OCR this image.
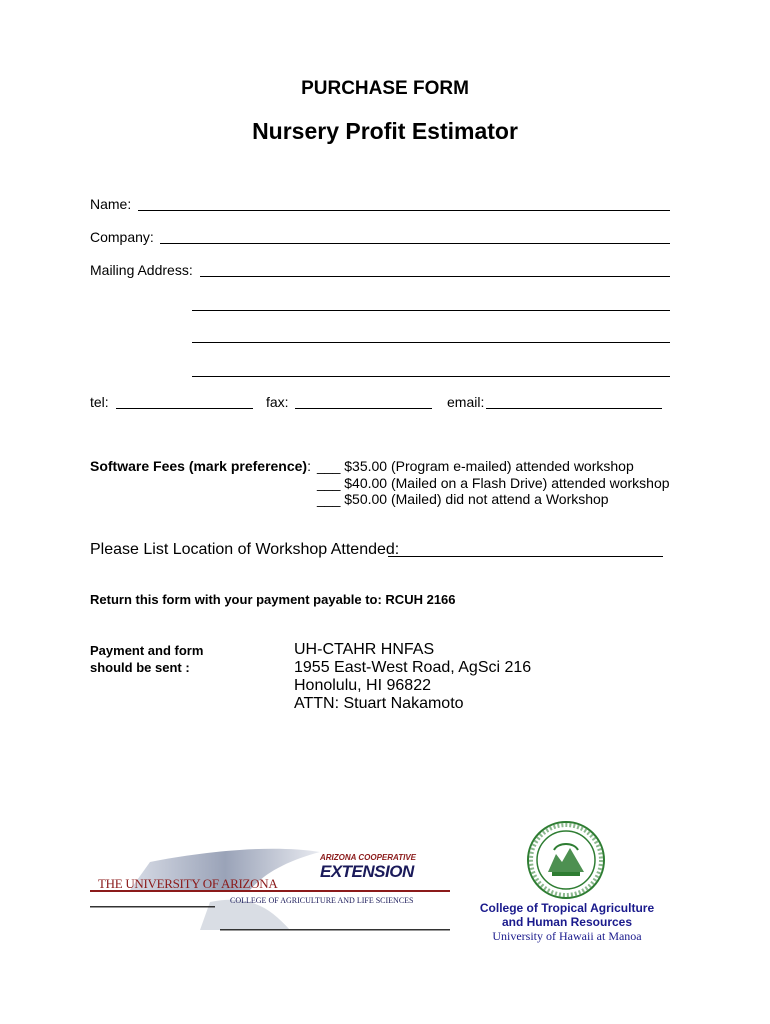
PURCHASE FORM
Nursery Profit Estimator
Name:
Company:
Mailing Address:
tel:	fax:	email:
Software Fees (mark preference): ___ $35.00 (Program e-mailed) attended workshop
___ $40.00 (Mailed on a Flash Drive) attended workshop
___ $50.00 (Mailed) did not attend a Workshop
Please List Location of Workshop Attended:
Return this form with your payment payable to: RCUH 2166
Payment and form
should be sent :
UH-CTAHR HNFAS
1955 East-West Road, AgSci 216
Honolulu, HI 96822
ATTN: Stuart Nakamoto
ARIZONA COOPERATIVE
EXTENSION
THE UNIVERSITY OF ARIZONA
COLLEGE OF AGRICULTURE AND LIFE SCIENCES
College of Tropical Agriculture
and Human Resources
University of Hawaii at Manoa
